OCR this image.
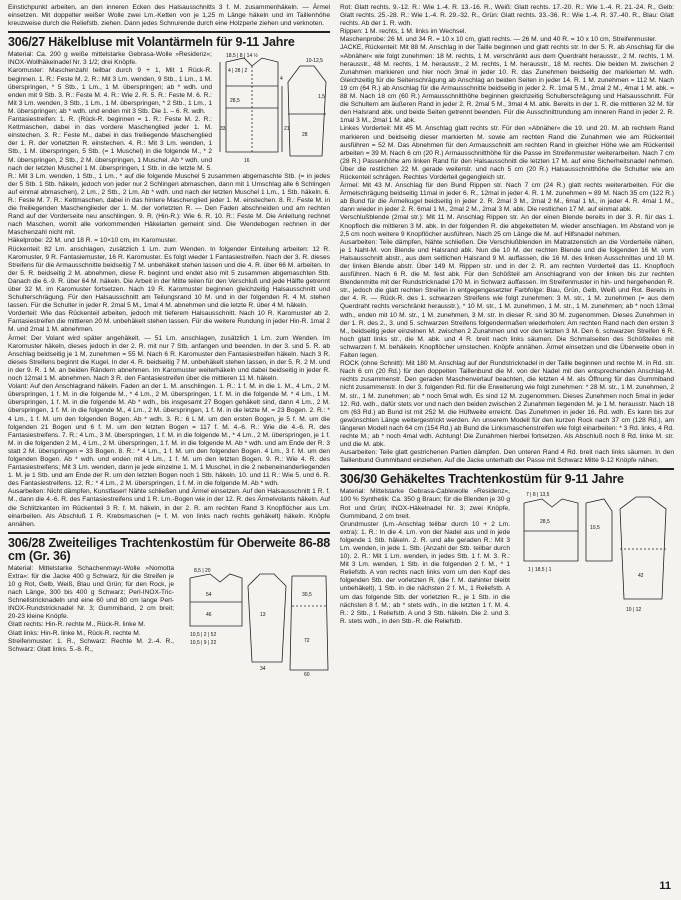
Einstichpunkt arbeiten, an den inneren Ecken des Halsausschnitts 3 f. M. zusammenhäkeln. — Ärmel einsetzen. Mit doppelter weißer Wolle zwei Lm.-Ketten von je 1,25 m Länge häkeln und im Taillenhöhe kreuzweise durch die Reliefstb. ziehen. Dann jedes Schnurende durch eine Holzperle ziehen und verknoten.

306/27 Häkelbluse mit Volantärmeln für 9-11 Jahre
18,5 | 8 | 14 ½
4 | 28 | 2
10-12,5
28,5
33	21
28
4
1,5
16

Material: Ca. 200 g weiße mittelstarke Gebrasa-Wolle »Residenz«; INOX-Wollhäkelnadel Nr. 3 1/2; drei Knöpfe.

Karomuster: Maschenzahl teilbar durch 9 + 1, Mit 1 Rück-R. beginnen. 1. R.: Feste M. 2. R.: Mit 3 Lm. wenden, 9 Stb., 1 Lm., 1 M. überspringen, * 5 Stb., 1 Lm., 1 M. überspringen; ab * wdh. und enden mit 9 Stb. 3. R.: Feste M. 4. R.: Wie 2. R. 5. R.: Feste M. 6. R.: Mit 3 Lm. wenden, 3 Stb., 1 Lm., 1 M. überspringen, * 2 Stb., 1 Lm., 1 M. überspringen; ab * wdh. und enden mit 3 Stb. Die 1. – 6. R. wdh.

Fantasiestreifen: 1. R. (Rück-R. beginnen = 1. R.: Feste M. 2. R.: Kettmaschen, dabei in das vordere Maschenglied jeder 1. M. einstechen. 3. R.: Feste M., dabei in das freiliegende Maschenglied der 1. R. der vorletzten R. einstechen. 4. R.: Mit 3 Lm. wenden, 1 Stb., 1 M. überspringen, 5 Stb. (= 1 Muschel) in die folgende M., * 2 M. überspringen, 2 Stb., 2 M. überspringen, 1 Muschel. Ab * wdh. und nach der letzten Muschel 1 M. überspringen, 1 Stb. in die letzte M. 5. R.: Mit 3 Lm. wenden, 1 Stb., 1 Lm., * auf die folgende Muschel 5 zusammen abgemaschte Stb. (= in jedes der 5 Stb. 1 Stb. häkeln, jedoch von jeder nur 2 Schlingen abmaschen, dann mit 1 Umschlag alle 6 Schlingen auf einmal abmaschen), 2 Lm., 2 Stb., 2 Lm. Ab * wdh. und nach der letzten Muschel 1 Lm., 1 Stb. häkeln. 6. R.: Feste M. 7. R.: Kettmaschen, dabei in das hintere Maschenglied jeder 1. M. einstechen. 8. R.: Feste M. in die freiliegenden Maschenglieder der 1. M. der vorletzten R. — Den Faden abschneiden und am rechten Rand auf der Vorderseite neu anschlingen. 9. R. (Hin-R.): Wie 6. R. 10. R.: Feste M. Die Anleitung rechnet nach Maschen, womit alle vorkommenden Häkelarten gemeint sind. Die Wendebogen rechnen in der Maschenzahl nicht mit.

Häkelprobe: 22 M. und 18 R. = 10×10 cm, im Karomuster.

Rückenteil: 82 Lm. anschlagen, zusätzlich 1 Lm. zum Wenden. In folgender Einteilung arbeiten: 12 R. Karomuster, 9 R. Fantasiemuster, 16 R. Karomuster. Es folgt wieder 1 Fantasiestreifen. Nach der 3. R. dieses Streifens für die Armausschnitte beidseitig 7 M. unbehäkelt stehen lassen und die 4. R. über 66 M. arbeiten. In der 5. R. beidseitig 2 M. abnehmen, diese R. beginnt und endet also mit 5 zusammen abgemaschten Stb. Danach die 6.-9. R. über 64 M. häkeln. Die Arbeit in der Mitte teilen für den Verschluß und jede Hälfte getrennt über 32 M. im Karomuster fortsetzen. Nach 19 R. Karomuster beginnen gleichzeitig Halsausschnitt und Schulterschrägung. Für den Halsausschnitt am Teilungsrand 10 M. und in der folgenden R. 4 M. stehen lassen. Für die Schulter in jeder R. 2mal 5 M., 1mal 4 M. abnehmen und die letzte R. über 4 M. häkeln.

Vorderteil: Wie das Rückenteil arbeiten, jedoch mit tieferem Halsausschnitt. Nach 10 R. Karomuster ab 2. Fantasiestreifen die mittleren 20 M. unbehäkelt stehen lassen. Für die weitere Rundung in jeder Hin-R. 1mal 2 M. und 2mal 1 M. abnehmen.

Ärmel: Der Volant wird später angehäkelt. — 51 Lm. anschlagen, zusätzlich 1 Lm. zum Wenden. Im Karomuster häkeln, dieses jedoch in der 2. R. mit nur 7 Stb. anfangen und beenden. In der 3. und 5. R. ab Anschlag beidseitig je 1 M. zunehmen = 55 M. Nach 6 R. Karomuster den Fantasiestreifen häkeln. Nach 3 R. dieses Streifens beginnt die Kugel. In der 4. R. beidseitig 7 M. unbehäkelt stehen lassen, in der 5. R. 2 M. und in der 9. R. 1 M. an beiden Rändern abnehmen. Im Karomuster weiterhäkeln und dabei beidseitig in jeder R. noch 12mal 1 M. abnehmen. Nach 3 R. den Fantasiestreifen über die mittleren 11 M. häkeln.

Volant: Auf den Anschlagrand häkeln. Faden an der 1. M. anschlingen. 1. R.: 1 f. M. in die 1. M., 4 Lm., 2 M. überspringen, 1 f. M. in die folgende M., * 4 Lm., 2 M. überspringen, 1 f. M. in die folgende M. * 4 Lm., 1 M. überspringen, 1 f. M. in die folgende M. Ab * wdh., bis insgesamt 27 Bogen gehäkelt sind, dann 4 Lm., 2 M. überspringen, 1 f. M. in die folgende M., 4 Lm., 2 M. überspringen, 1 f. M. in die letzte M. = 23 Bogen. 2. R.: * 4 Lm., 1 f. M. um den folgenden Bogen. Ab * wdh. 3. R.: 6 L M. um den ersten Bogen, je 5 f. M. um die folgenden 21 Bogen und 6 f. M. um den letzten Bogen = 117 f. M. 4.-6. R.: Wie die 4.-6. R. des Fantasiestreifens. 7. R.: 4 Lm., 3 M. überspringen, 1 f. M. in die folgende M., * 4 Lm., 2 M. überspringen, je 1 f. M. in die folgenden 2 M., 4 Lm., 2 M. überspringen, 1 f. M. in die folgende M. Ab * wdh. und am Ende der R. 3 statt 2 M. überspringen = 33 Bogen. 8. R.: * 4 Lm., 1 f. M. um den folgenden Bogen. 4 Lm., 3 f. M. um den folgenden Bogen. Ab * wdh. und enden mit 4 Lm., 1 f. M. um den letzten Bogen. 9. R.: Wie 4. R. des Fantasiestreifens; Mit 3 Lm. wenden, dann je jede einzelne 1. M. 1 Muschel, in die 2 nebeneinanderliegenden 1. M. je 1 Stb. und am Ende der R. um den letzten Bogen noch 1 Stb. häkeln. 10. und 11 R.: Wie 5. und 6. R. des Fantasiestreifens. 12. R.: * 4 Lm., 2 M. überspringen, 1 f. M. in die folgende M. Ab * wdh.

Ausarbeiten: Nicht dämpfen, Kunstfaser! Nähte schließen und Ärmel einsetzen. Auf den Halsausschnitt 1 R. f. M., dann die 4.-6. R. des Fantasiestreifens und 1 R. Lm.-Bogen wie in der 12. R. des Ärmelvolants häkeln. Auf die Schlitzkanten im Rückenteil 3 R. f. M. häkeln, in der 2. R. am rechten Rand 3 Knopflöcher aus Lm. einarbeiten. Als Abschluß 1 R. Krebsmaschen (= f. M. von links nach rechts gehäkelt) häkeln. Knöpfe annähen.

306/28 Zweiteiliges Trachtenkostüm für Oberweite 86-88 cm (Gr. 36)
8,5 | 20
54
46
30,5
10,5 | 2 | 52
10,5 | 9 | 22
13
34
72
60

Material: Mittelstarke Schachenmayr-Wolle »Nomotta Extra«: für die Jacke 400 g Schwarz, für die Streifen je 10 g Rot, Gelb, Weiß, Blau und Grün; für den Rock, je nach Länge, 300 bis 400 g Schwarz; Perl-INOX-Tric-Schnellstricknadeln und eine 60 und 80 cm lange Perl-INOX-Rundstricknadel Nr. 3; Gummiband, 2 cm breit; 20-23 kleine Knöpfe.

Glatt rechts: Hin-R. rechte M., Rück-R. linke M.

Glatt links: Hin-R. linke M., Rück-R. rechte M.

Streifenmuster: 1. R., Schwarz: Rechte M. 2.-4. R., Schwarz: Glatt links. 5.-8. R.,

Rot: Glatt rechts. 9.-12. R.: Wie 1.-4. R. 13.-16. R., Weiß: Glatt rechts. 17.-20. R.: Wie 1.-4. R. 21.-24. R., Gelb: Glatt rechts. 25.-28. R.: Wie 1.-4. R. 29.-32. R., Grün: Glatt rechts. 33.-36. R.: Wie 1.-4. R. 37.-40. R., Blau: Glatt rechts. Ab der 1. R. wdh.

Rippen: 1 M. rechts, 1 M. links im Wechsel.

Maschenprobe: 26 M. und 34 R. = 10 x 10 cm, glatt rechts. — 26 M. und 40 R. = 10 x 10 cm, Streifenmuster.

JACKE, Rückenteil: Mit 88 M. Anschlag in der Taille beginnen und glatt rechts str. In der 5. R. ab Anschlag für die »Abnäher« wie folgt zunehmen: 18 M. rechts, 1 M. verschränkt aus dem Querdraht herausstr., 2 M. rechts, 1 M. herausstr., 48 M. rechts, 1 M. herausstr., 2 M. rechts, 1 M. herausstr., 18 M. rechts. Die beiden M. zwischen 2 Zunahmen markieren und hier noch 3mal in jeder 10. R. das Zunehmen beidseitig der markierten M. wdh. Gleichzeitig für die Seitenschrägung ab Anschlag an beiden Seiten in jeder 14. R. 1 M. zunehmen = 112 M. Nach 19 cm (64 R.) ab Anschlag für die Armausschnitte beidseitig in jeder 2. R. 1mal 5 M., 2mal 2 M., 4mal 1 M. abk. = 88 M. Nach 18 cm (60 R.) Armausschnitthöhe beginnen gleichzeitig Schulterschrägung und Halsausschnitt. Für die Schultern am äußeren Rand in jeder 2. R. 2mal 5 M., 3mal 4 M. abk. Bereits in der 1. R. die mittleren 32 M. für den Halsrand abk. und beide Seiten getrennt beenden. Für die Ausschnittrundung am inneren Rand in jeder 2. R. 1mal 3 M., 2mal 1 M. abk.

Linkes Vorderteil: Mit 45 M. Anschlag glatt rechts str. Für den »Abnäher« die 19. und 20. M. ab rechtem Rand markieren und beidseitig dieser markierten M. sowie am rechten Rand die Zunahmen wie am Rückenteil ausführen = 52 M. Das Abnehmen für den Armausschnitt am rechten Rand in gleicher Höhe wie am Rückenteil arbeiten = 39 M. Nach 6 cm (20 R.) Armausschnitthöhe für die Passe im Streifenmuster weiterarbeiten. Nach 7 cm (28 R.) Passenhöhe am linken Rand für den Halsausschnitt die letzten 17 M. auf eine Sicherheitsnadel nehmen. Über die restlichen 22 M. gerade weiterstr. und nach 5 cm (20 R.) Halsausschnitthöhe die Schulter wie am Rückenteil schrägen. Rechtes Vorderteil gegengleich str.

Ärmel: Mit 43 M. Anschlag für den Bund Rippen str. Nach 7 cm (24 R.) glatt rechts weiterarbeiten. Für die Ärmelschrägung beidseitig 11mal in jeder 6. R., 12mal in jeder 4. R. 1 M. zunehmen = 89 M. Nach 35 cm (122 R.) ab Bund für die Ärmelkugel beidseitig in jeder 2. R. 2mal 3 M., 2mal 2 M., 6mal 1 M., in jeder 4. R. 4mal 1 M., dann wieder in jeder 2. R. 6mal 1 M., 2mal 2 M., 2mal 3 M. abk. Die restlichen 17 M. auf einmal abk.

Verschlußblende (2mal str.): Mit 11 M. Anschlag Rippen str. An der einen Blende bereits in der 3. R. für das 1. Knopfloch die mittleren 3 M. abk. In der folgenden R. die abgeketteten M. wieder anschlagen. Im Abstand von je 2,5 cm noch weitere 9 Knopflöcher ausführen. Nach 25 cm Länge die M. auf Hilfsnadel nehmen.

Ausarbeiten: Teile dämpfen, Nähte schließen. Die Verschlußblenden im Matratzenstich an die Vorderteile nähen, je 1 Naht-M. von Blende und Halsrand abk. Nun die 10 M. der rechten Blende und die folgenden 16 M. vom Halsausschnitt abstr., aus dem seitlichen Halsrand 9 M. auffassen, die 16 M. des linken Ausschnittes und 10 M. der linken Blende abstr. Über 149 M. Rippen str. und in der 2. R. am rechten Vorderteil das 11. Knopfloch ausführen. Nach 6 R. die M. fest abk. Für den Schößteil am Anschlagrand von der linken bis zur rechten Blendenmitte mit der Rundstricknadel 170 M. in Schwarz auffassen. Im Streifenmuster in hin- und hergehenden R. str., jedoch die glatt rechten Streifen in entgegengesetzter Farbfolge: Blau, Grün, Gelb, Weiß und Rot. Bereits in der 4. R. — Rück-R. des 1. schwarzen Streifens wie folgt zunehmen: 3 M. str., 1 M. zunehmen (= aus dem Querdraht rechts verschränkt herausstr.), * 10 M. str., 1 M. zunehmen, 1 M. str., 1 M. zunehmen; ab * noch 13mal wdh., enden mit 10 M. str., 1 M. zunehmen, 3 M. str. In dieser R. sind 30 M. zugenommen. Dieses Zunehmen in der 1. R. des 2., 3. und 5. schwarzen Streifens folgendermaßen wiederholen: Am rechten Rand nach den ersten 3 M., beidseitig jeder einzelnen M. zwischen 2 Zunahmen und vor den letzten 3 M. Den 6. schwarzen Streifen 6 R. hoch glatt links str., die M. abk. und 4 R. breit nach links säumen. Die Schmalseiten des Schößteiles mit schwarzen f. M. behäkeln. Knopflöcher umstechen. Knöpfe annähen. Ärmel einsetzen und die Überweite oben in Falten legen.

ROCK (ohne Schnitt): Mit 180 M. Anschlag auf der Rundstricknadel in der Taille beginnen und rechte M. in Rd. str. Nach 6 cm (20 Rd.) für den doppelten Taillenbund die M. von der Nadel mit den entsprechenden Anschlag-M. rechts zusammenstr. Den geraden Maschenverlauf beachten, die letzten 4 M. als Öffnung für das Gummiband nicht zusammenstr. In der 3. folgenden Rd. für die Erweiterung wie folgt zunehmen: * 28 M. str., 1 M. zunehmen, 2 M. str., 1 M. zunehmen; ab * noch 5mal wdh. Es sind 12 M. zugenommen. Dieses Zunehmen noch 5mal in jeder 12. Rd. wdh., dafür stets vor und nach den beiden zwischen 2 Zunahmen liegenden M. je 1 M. herausstr. Nach 18 cm (63 Rd.) ab Bund ist mit 252 M. die Hüftweite erreicht. Das Zunehmen in jeder 16. Rd. wdh. Es kann bis zur gewünschten Länge weitergestrickt werden. An unserem Modell für den kurzen Rock nach 37 cm (128 Rd.), am längeren Modell nach 64 cm (154 Rd.) ab Bund die Linksmaschenstreifen wie folgt einarbeiten: * 3 Rd. links, 4 Rd. rechte M.; ab * noch 4mal wdh. Achtung! Die Zunahmen hierbei fortsetzen. Als Abschluß noch 8 Rd. linke M. str. und die M. abk.

Ausarbeiten: Teile glatt gestrichenen Partien dämpfen. Den unteren Rand 4 Rd. breit nach links säumen. In den Taillenbund Gummiband einziehen. Auf die Jacke unterhalb der Passe mit Schwarz Mitte 9-12 Knöpfe nähen.

306/30 Gehäkeltes Trachtenkostüm für 9-11 Jahre
7 | 8 | 13,5
28,5
1 | 18,5 | 1
10,5
10 | 12
42

Material: Mittelstarke Gebrasa-Cablewolle »Residenz«, 100 % Synthetik: Ca. 350 g Braun; für die Blenden je 30 g Rot und Grün; INOX-Häkelnadel Nr. 3; zwei Knöpfe, Gummiband, 2 cm breit.

Grundmuster (Lm.-Anschlag teilbar durch 10 + 2 Lm. extra): 1. R.: In die 4. Lm. von der Nadel aus und in jede folgende 1 Stb. häkeln. 2. R. und alle geraden R.: Mit 3 Lm. wenden, in jede 1. Stb. (Anzahl der Stb. teilbar durch 10). 2. R.: Mit 1 Lm. wenden, in jedes Stb. 1 f. M. 3. R.: Mit 3 Lm. wenden, 1 Stb. in die folgenden 2 f. M., * 1 Reliefstb. A von rechts nach links vorn um den Kopf des folgenden Stb. der vorletzten R. (die f. M. dahinter bleibt unbehäkelt), 1 Stb. in die nächsten 2 f. M., 1 Reliefstb. A um das folgende Stb. der vorletzten R., je 1 Stb. in die nächsten 8 f. M.; ab * stets wdh., in die letzten 1 f. M. 4. R.: 2 Stb., 1 Reliefstb. A und 3 Stb. häkeln. Die 2. und 3. R. stets wdh., in den Stb.-R. die Reliefstb.

11
